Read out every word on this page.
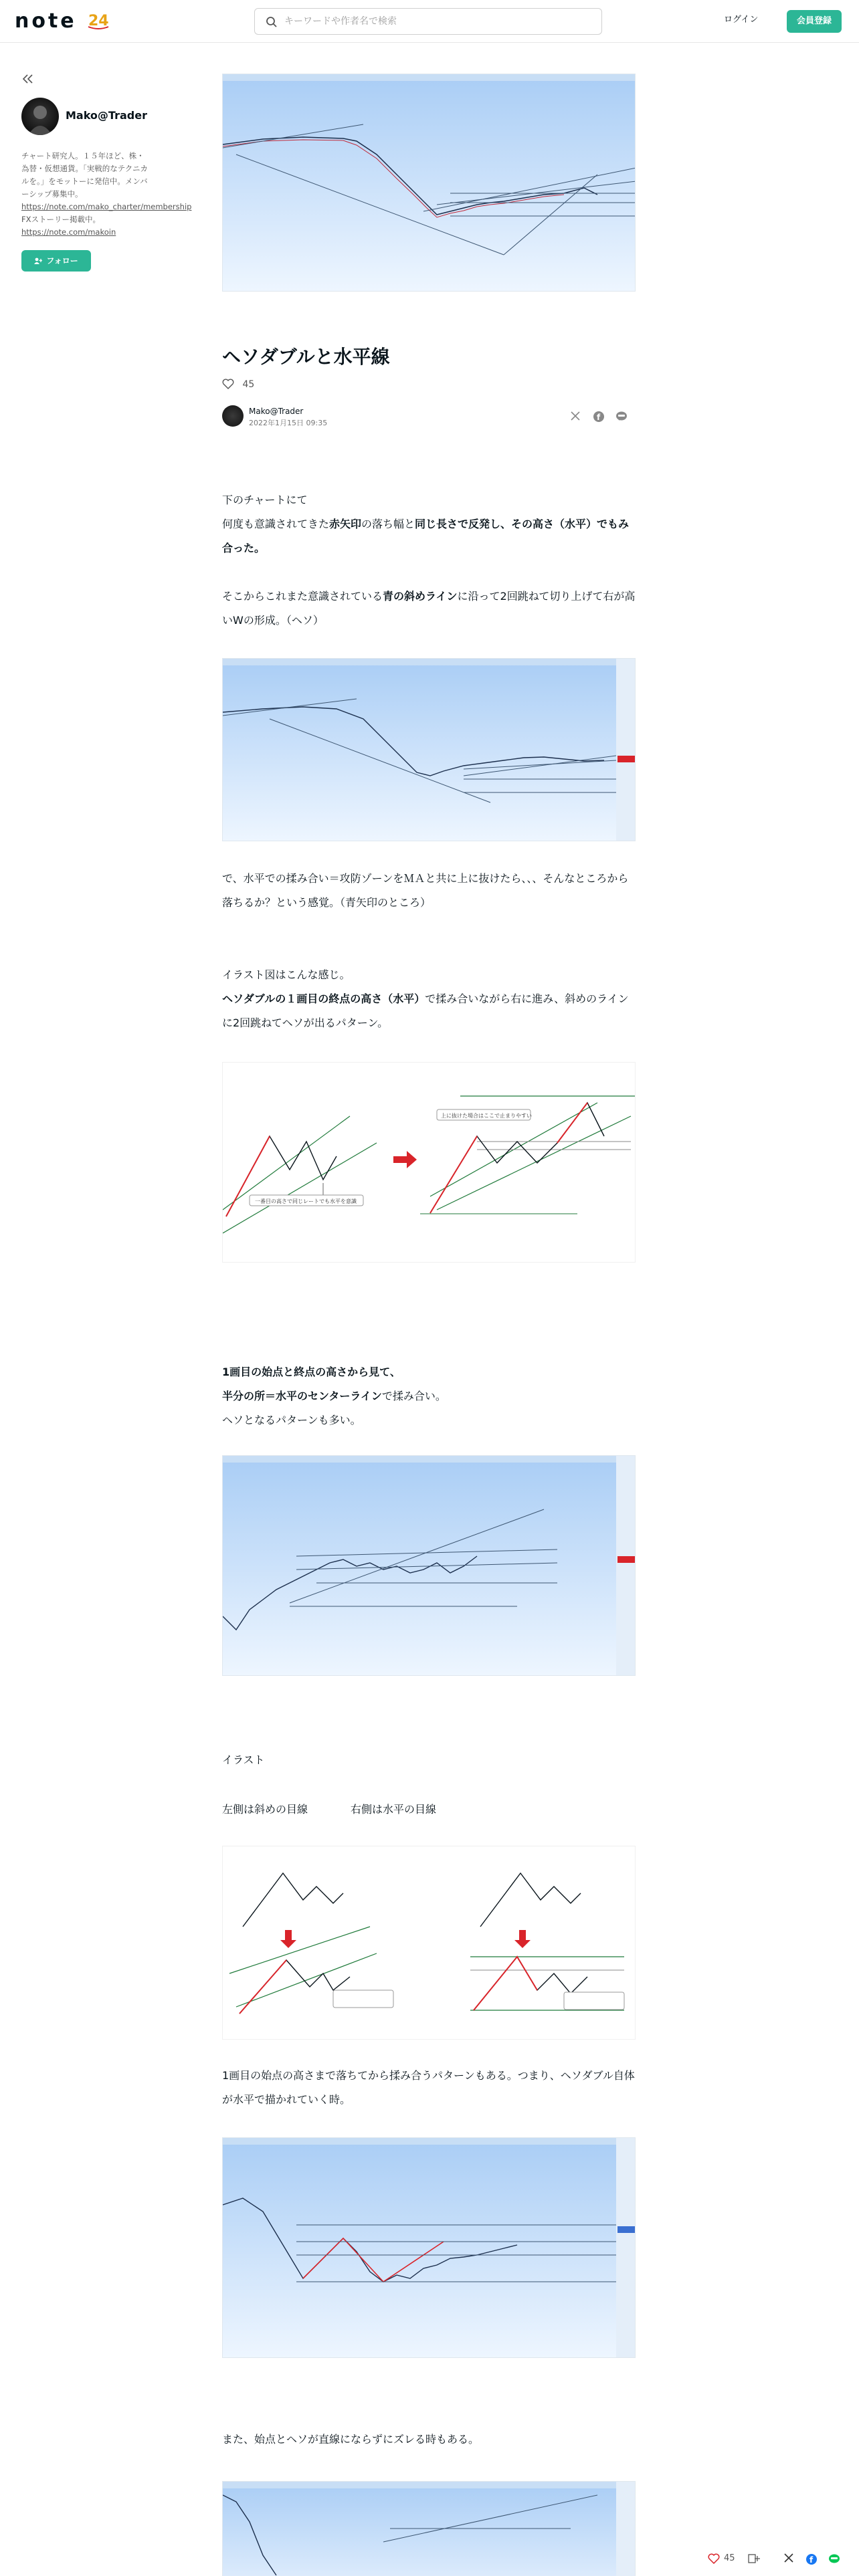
note 24
キーワードや作者名で検索	ログイン	会員登録
Mako@Trader
チャート研究人。１５年ほど、株・為替・仮想通貨。「実戦的なテクニカルを。」をモットーに発信中。メンバーシップ募集中。 https://note.com/mako_charter/membership FXストーリー掲載中。 https://note.com/makoin
フォロー
ヘソダブルと水平線
45
Mako@Trader
2022年1月15日 09:35
f
下のチャートにて
何度も意識されてきた赤矢印の落ち幅と同じ長さで反発し、その高さ（水平）でもみ合った。
そこからこれまた意識されている青の斜めラインに沿って2回跳ねて切り上げて右が高いWの形成。（ヘソ）
で、水平での揉み合い＝攻防ゾーンをＭＡと共に上に抜けたら、、、そんなところから落ちるか？という感覚。（青矢印のところ）
イラスト図はこんな感じ。
ヘソダブルの１画目の終点の高さ（水平）で揉み合いながら右に進み、斜めのラインに2回跳ねてヘソが出るパターン。
一番目の高さで同じレートでも水平を意識
上に抜けた場合はここで止まりやすい
1画目の始点と終点の高さから見て、
半分の所＝水平のセンターラインで揉み合い。
ヘソとなるパターンも多い。
イラスト
左側は斜めの目線　　　　右側は水平の目線
1画目の始点の高さまで落ちてから揉み合うパターンもある。つまり、ヘソダブル自体が水平で描かれていく時。
また、始点とヘソが直線にならずにズレる時もある。
45	f
